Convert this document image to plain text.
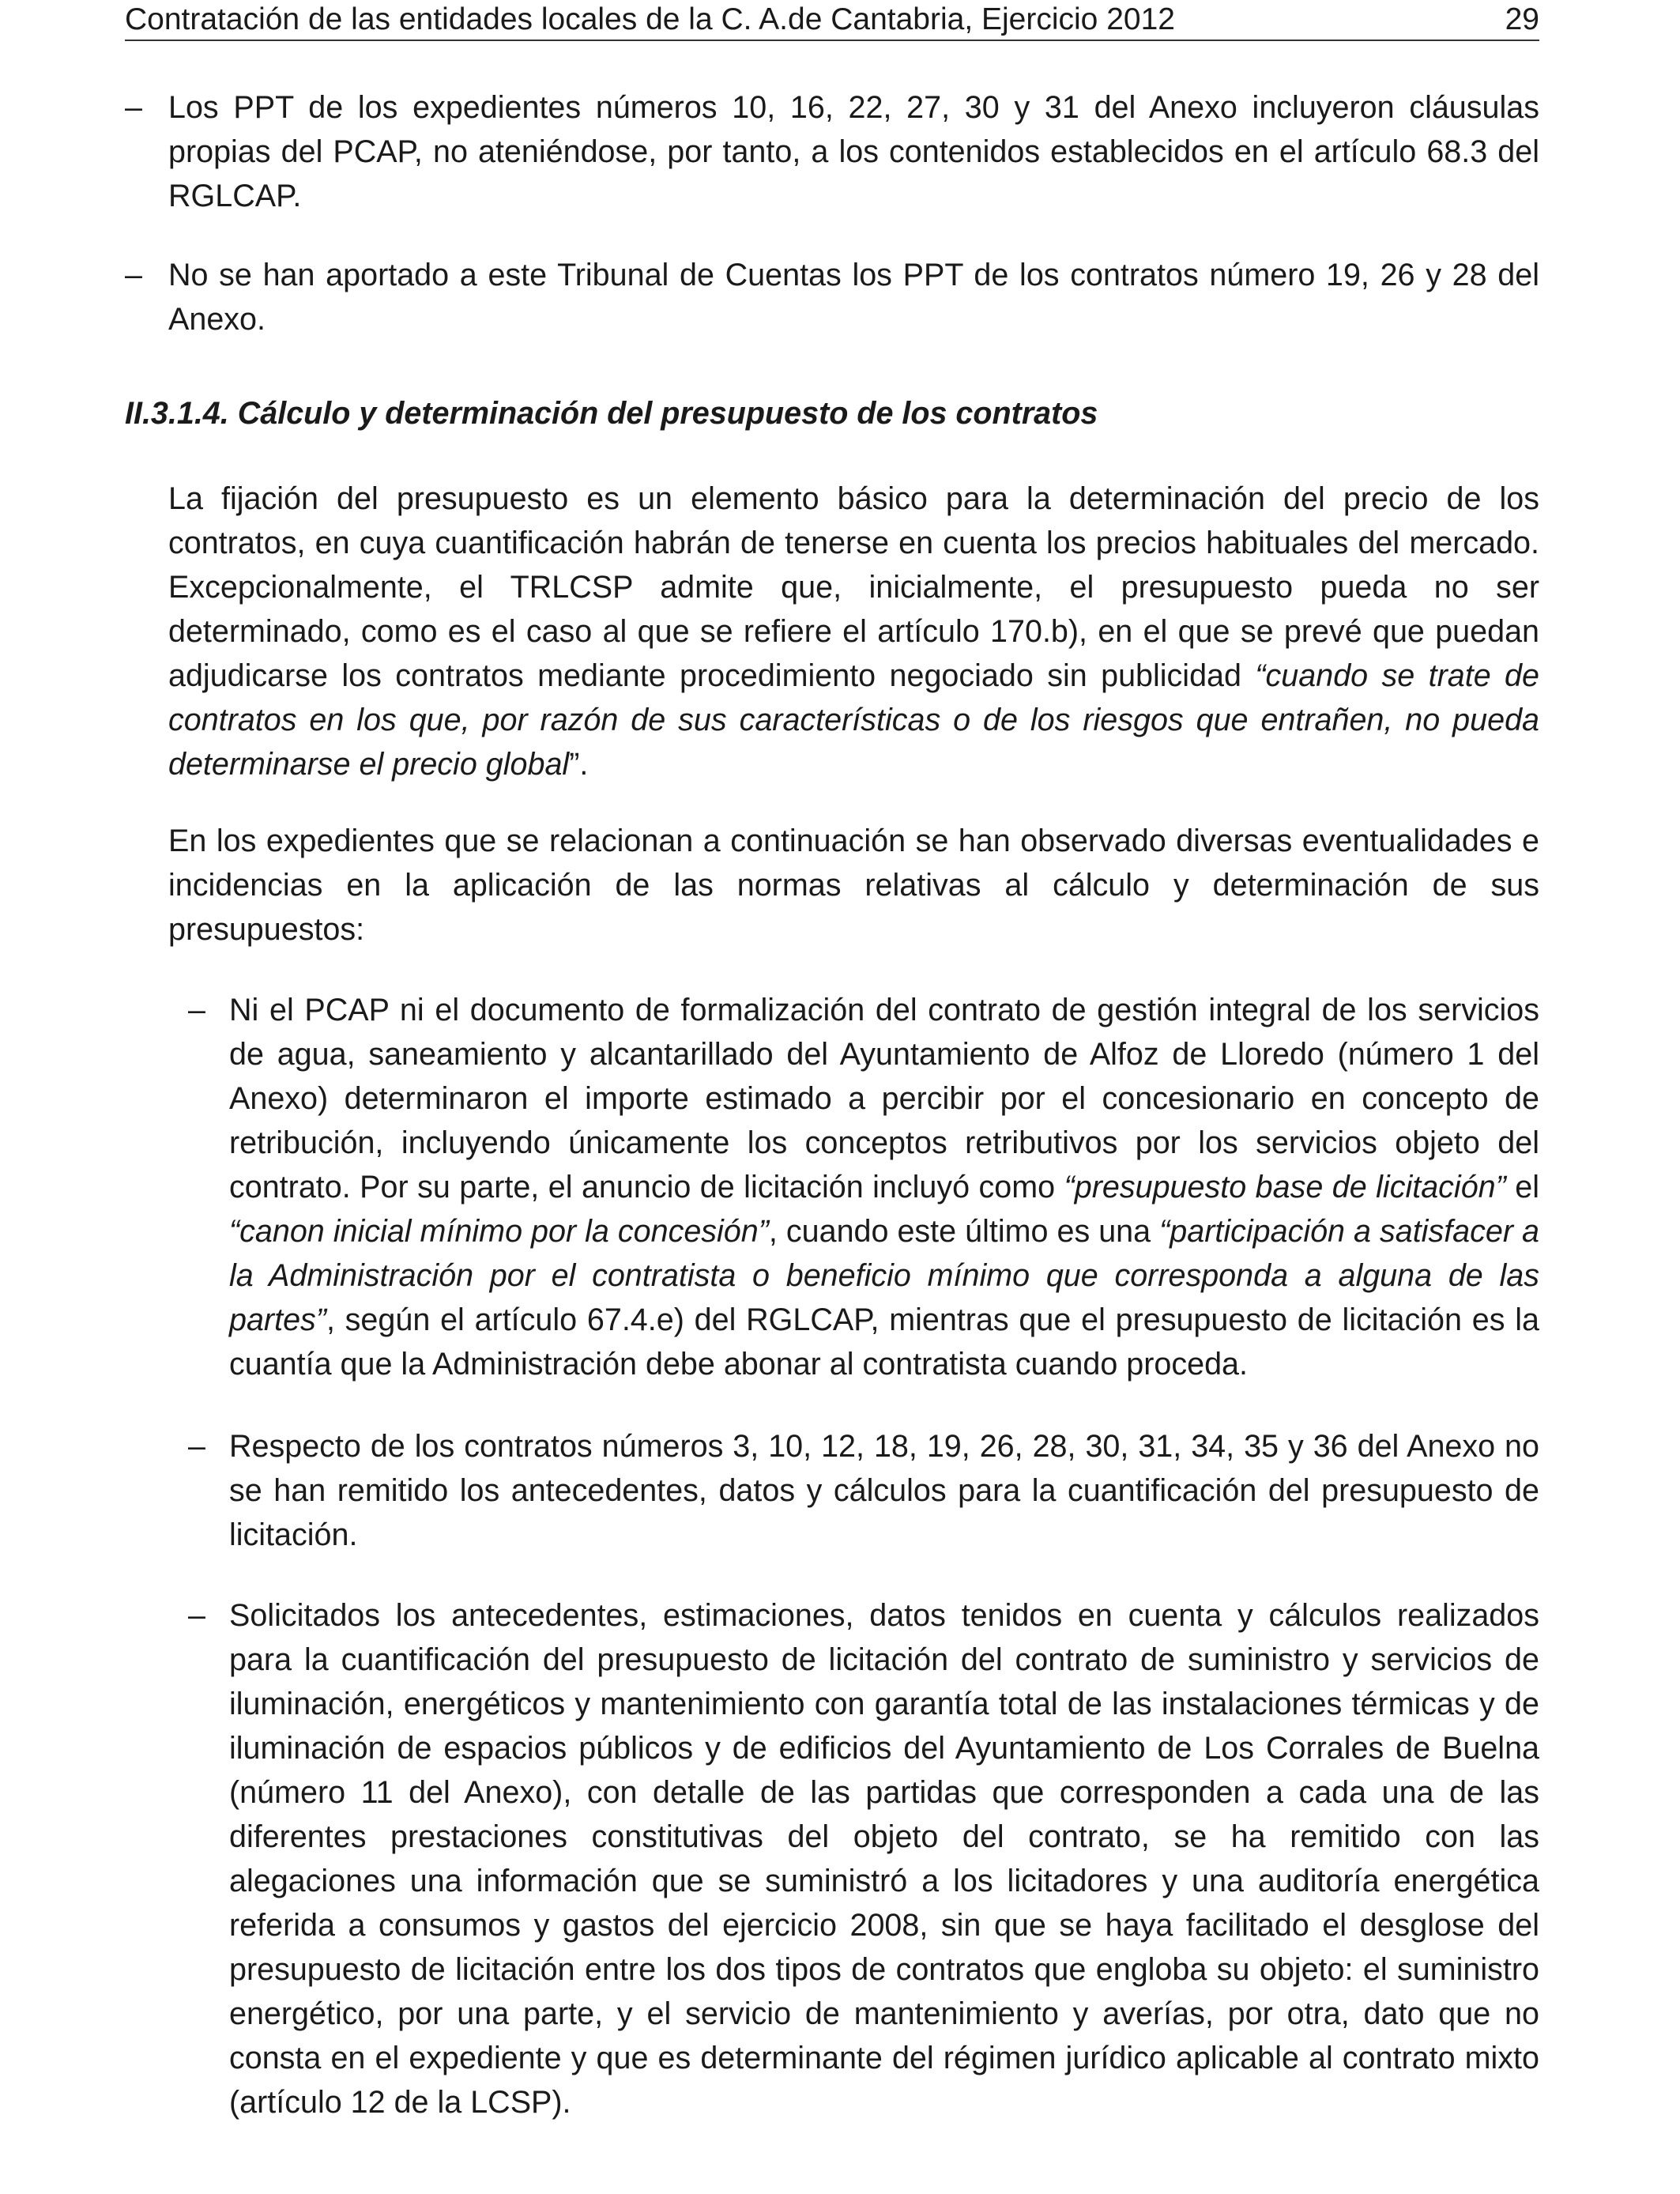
Contratación de las entidades locales de la C. A.de Cantabria, Ejercicio 2012	29
– Los PPT de los expedientes números 10, 16, 22, 27, 30 y 31 del Anexo incluyeron cláusulas propias del PCAP, no ateniéndose, por tanto, a los contenidos establecidos en el artículo 68.3 del RGLCAP.

– No se han aportado a este Tribunal de Cuentas los PPT de los contratos número 19, 26 y 28 del Anexo.

II.3.1.4. Cálculo y determinación del presupuesto de los contratos

La fijación del presupuesto es un elemento básico para la determinación del precio de los contratos, en cuya cuantificación habrán de tenerse en cuenta los precios habituales del mercado. Excepcionalmente, el TRLCSP admite que, inicialmente, el presupuesto pueda no ser determinado, como es el caso al que se refiere el artículo 170.b), en el que se prevé que puedan adjudicarse los contratos mediante procedimiento negociado sin publicidad “cuando se trate de contratos en los que, por razón de sus características o de los riesgos que entrañen, no pueda determinarse el precio global”.

En los expedientes que se relacionan a continuación se han observado diversas eventualidades e incidencias en la aplicación de las normas relativas al cálculo y determinación de sus presupuestos:

– Ni el PCAP ni el documento de formalización del contrato de gestión integral de los servicios de agua, saneamiento y alcantarillado del Ayuntamiento de Alfoz de Lloredo (número 1 del Anexo) determinaron el importe estimado a percibir por el concesionario en concepto de retribución, incluyendo únicamente los conceptos retributivos por los servicios objeto del contrato. Por su parte, el anuncio de licitación incluyó como “presupuesto base de licitación” el “canon inicial mínimo por la concesión”, cuando este último es una “participación a satisfacer a la Administración por el contratista o beneficio mínimo que corresponda a alguna de las partes”, según el artículo 67.4.e) del RGLCAP, mientras que el presupuesto de licitación es la cuantía que la Administración debe abonar al contratista cuando proceda.

– Respecto de los contratos números 3, 10, 12, 18, 19, 26, 28, 30, 31, 34, 35 y 36 del Anexo no se han remitido los antecedentes, datos y cálculos para la cuantificación del presupuesto de licitación.

– Solicitados los antecedentes, estimaciones, datos tenidos en cuenta y cálculos realizados para la cuantificación del presupuesto de licitación del contrato de suministro y servicios de iluminación, energéticos y mantenimiento con garantía total de las instalaciones térmicas y de iluminación de espacios públicos y de edificios del Ayuntamiento de Los Corrales de Buelna (número 11 del Anexo), con detalle de las partidas que corresponden a cada una de las diferentes prestaciones constitutivas del objeto del contrato, se ha remitido con las alegaciones una información que se suministró a los licitadores y una auditoría energética referida a consumos y gastos del ejercicio 2008, sin que se haya facilitado el desglose del presupuesto de licitación entre los dos tipos de contratos que engloba su objeto: el suministro energético, por una parte, y el servicio de mantenimiento y averías, por otra, dato que no consta en el expediente y que es determinante del régimen jurídico aplicable al contrato mixto (artículo 12 de la LCSP).
